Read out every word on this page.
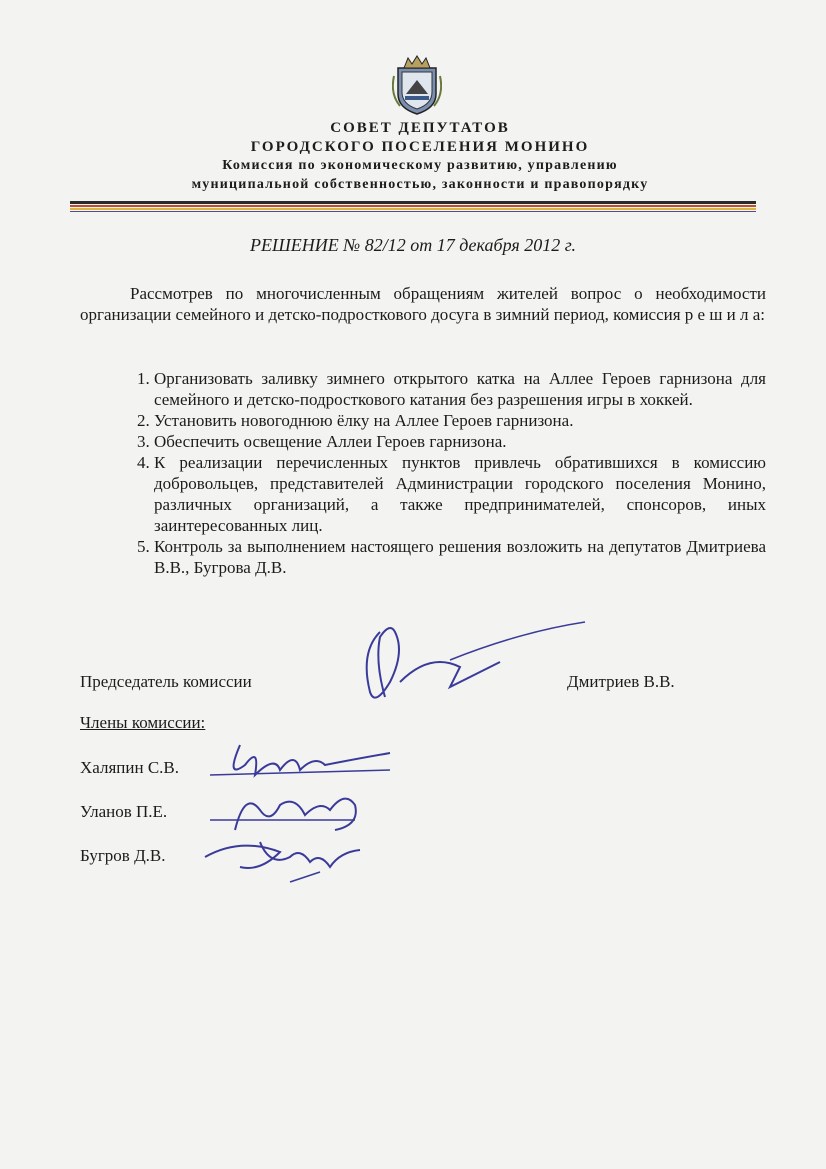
СОВЕТ ДЕПУТАТОВ
ГОРОДСКОГО ПОСЕЛЕНИЯ МОНИНО
Комиссия по экономическому развитию, управлению
муниципальной собственностью, законности и правопорядку
РЕШЕНИЕ № 82/12 от 17 декабря 2012 г.
Рассмотрев по многочисленным обращениям жителей вопрос о необходимости организации семейного и детско-подросткового досуга в зимний период, комиссия р е ш и л а:
1. Организовать заливку зимнего открытого катка на Аллее Героев гарнизона для семейного и детско-подросткового катания без разрешения игры в хоккей.
2. Установить новогоднюю ёлку на Аллее Героев гарнизона.
3. Обеспечить освещение Аллеи Героев гарнизона.
4. К реализации перечисленных пунктов привлечь обратившихся в комиссию добровольцев, представителей Администрации городского поселения Монино, различных организаций, а также предпринимателей, спонсоров, иных заинтересованных лиц.
5. Контроль за выполнением настоящего решения возложить на депутатов Дмитриева В.В., Бугрова Д.В.
Председатель комиссии	Дмитриев В.В.
Члены комиссии:
Халяпин С.В.
Уланов П.Е.
Бугров Д.В.
